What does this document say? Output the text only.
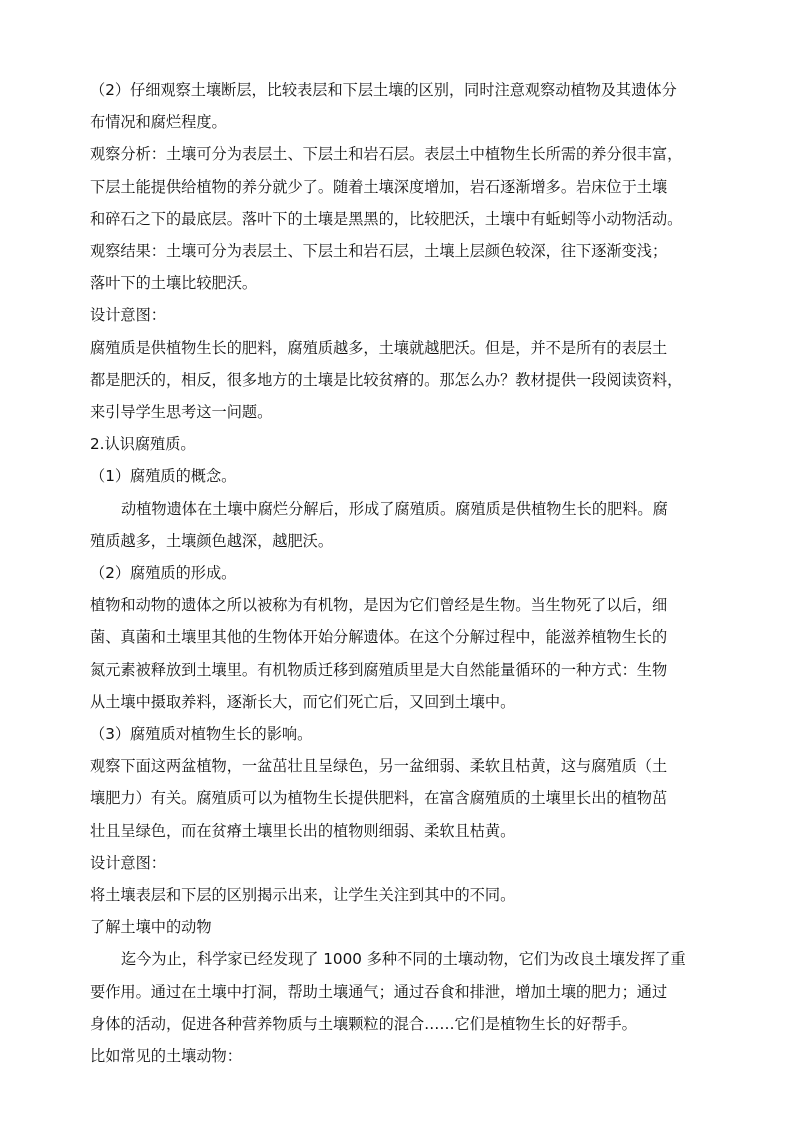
（2）仔细观察土壤断层，比较表层和下层土壤的区别，同时注意观察动植物及其遗体分

布情况和腐烂程度。

观察分析：土壤可分为表层土、下层土和岩石层。表层土中植物生长所需的养分很丰富，

下层土能提供给植物的养分就少了。随着土壤深度增加，岩石逐渐增多。岩床位于土壤

和碎石之下的最底层。落叶下的土壤是黑黑的，比较肥沃，土壤中有蚯蚓等小动物活动。

观察结果：土壤可分为表层土、下层土和岩石层，土壤上层颜色较深，往下逐渐变浅；

落叶下的土壤比较肥沃。

设计意图：

腐殖质是供植物生长的肥料，腐殖质越多，土壤就越肥沃。但是，并不是所有的表层土

都是肥沃的，相反，很多地方的土壤是比较贫瘠的。那怎么办？教材提供一段阅读资料，

来引导学生思考这一问题。

2.认识腐殖质。

（1）腐殖质的概念。

动植物遗体在土壤中腐烂分解后，形成了腐殖质。腐殖质是供植物生长的肥料。腐

殖质越多，土壤颜色越深，越肥沃。

（2）腐殖质的形成。

植物和动物的遗体之所以被称为有机物，是因为它们曾经是生物。当生物死了以后，细

菌、真菌和土壤里其他的生物体开始分解遗体。在这个分解过程中，能滋养植物生长的

氮元素被释放到土壤里。有机物质迁移到腐殖质里是大自然能量循环的一种方式：生物

从土壤中摄取养料，逐渐长大，而它们死亡后，又回到土壤中。

（3）腐殖质对植物生长的影响。

观察下面这两盆植物，一盆茁壮且呈绿色，另一盆细弱、柔软且枯黄，这与腐殖质（土

壤肥力）有关。腐殖质可以为植物生长提供肥料，在富含腐殖质的土壤里长出的植物茁

壮且呈绿色，而在贫瘠土壤里长出的植物则细弱、柔软且枯黄。

设计意图：

将土壤表层和下层的区别揭示出来，让学生关注到其中的不同。

了解土壤中的动物

迄今为止，科学家已经发现了 1000 多种不同的土壤动物，它们为改良土壤发挥了重

要作用。通过在土壤中打洞，帮助土壤通气；通过吞食和排泄，增加土壤的肥力；通过

身体的活动，促进各种营养物质与土壤颗粒的混合……它们是植物生长的好帮手。

比如常见的土壤动物：
